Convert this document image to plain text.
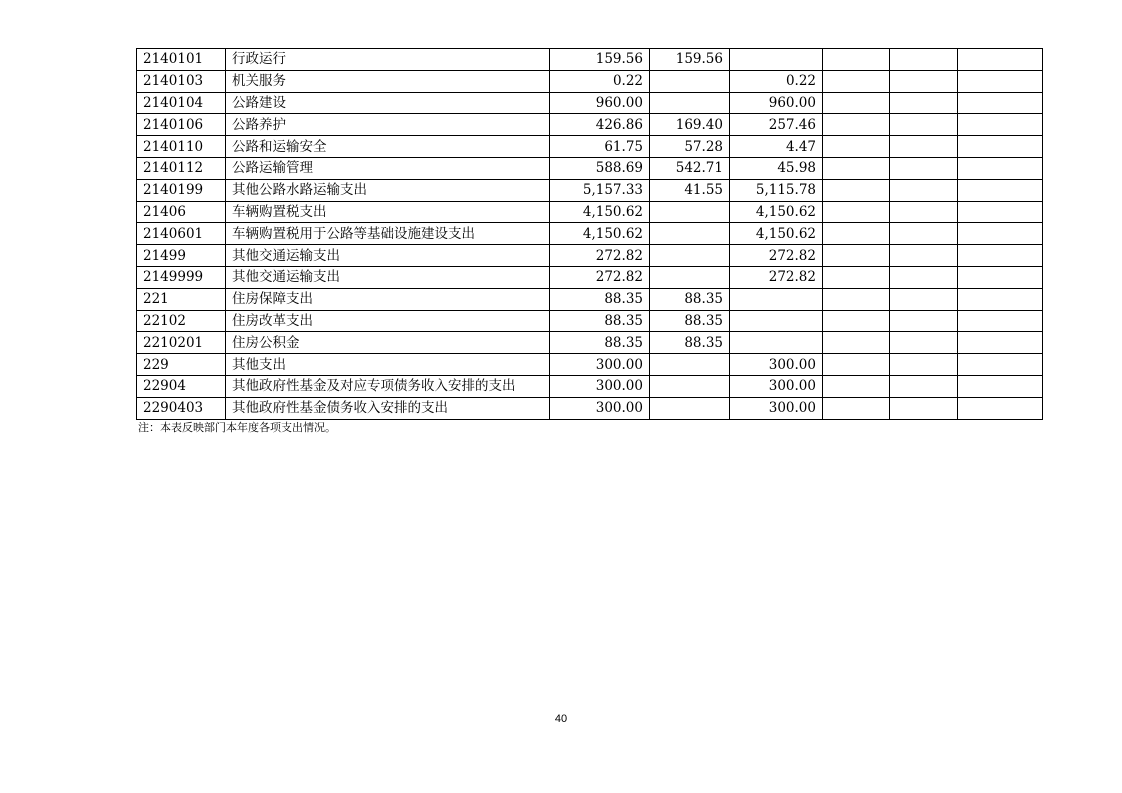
2140101	行政运行	159.56	159.56				
2140103	机关服务	0.22		0.22			
2140104	公路建设	960.00		960.00			
2140106	公路养护	426.86	169.40	257.46			
2140110	公路和运输安全	61.75	57.28	4.47			
2140112	公路运输管理	588.69	542.71	45.98			
2140199	其他公路水路运输支出	5,157.33	41.55	5,115.78			
21406	车辆购置税支出	4,150.62		4,150.62			
2140601	车辆购置税用于公路等基础设施建设支出	4,150.62		4,150.62			
21499	其他交通运输支出	272.82		272.82			
2149999	其他交通运输支出	272.82		272.82			
221	住房保障支出	88.35	88.35				
22102	住房改革支出	88.35	88.35				
2210201	住房公积金	88.35	88.35				
229	其他支出	300.00		300.00			
22904	其他政府性基金及对应专项债务收入安排的支出	300.00		300.00			
2290403	其他政府性基金债务收入安排的支出	300.00		300.00			
注：本表反映部门本年度各项支出情况。
40
